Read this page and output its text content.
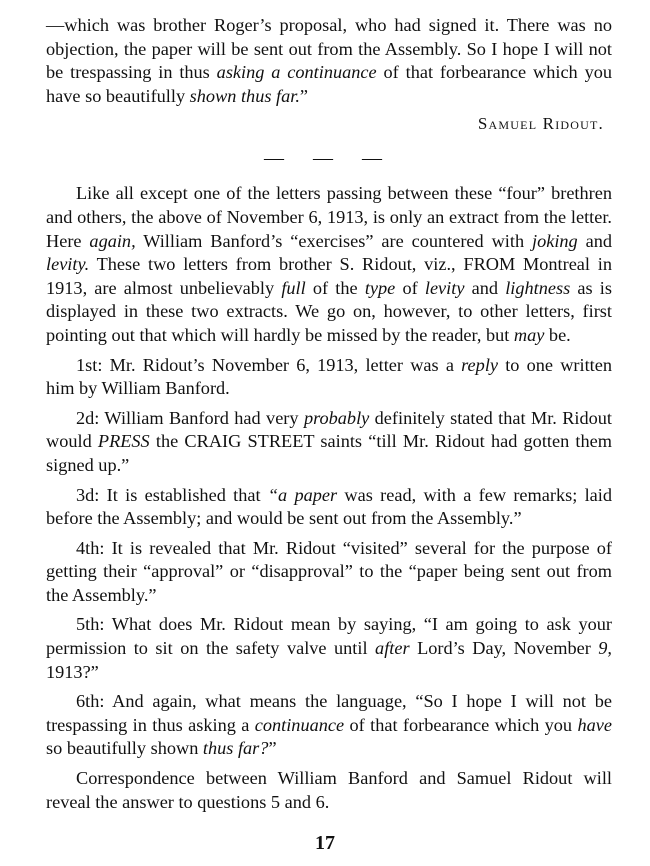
—which was brother Roger’s proposal, who had signed it. There was no objection, the paper will be sent out from the Assembly. So I hope I will not be trespassing in thus asking a continuance of that forbearance which you have so beautifully shown thus far.”

Samuel Ridout.
— — —

Like all except one of the letters passing between these “four” brethren and others, the above of November 6, 1913, is only an extract from the letter. Here again, William Banford’s “exercises” are countered with joking and levity. These two letters from brother S. Ridout, viz., FROM Montreal in 1913, are almost unbelievably full of the type of levity and lightness as is displayed in these two extracts. We go on, however, to other letters, first pointing out that which will hardly be missed by the reader, but may be.

1st: Mr. Ridout’s November 6, 1913, letter was a reply to one written him by William Banford.

2d: William Banford had very probably definitely stated that Mr. Ridout would PRESS the CRAIG STREET saints “till Mr. Ridout had gotten them signed up.”

3d: It is established that “a paper was read, with a few remarks; laid before the Assembly; and would be sent out from the Assembly.”

4th: It is revealed that Mr. Ridout “visited” several for the purpose of getting their “approval” or “disapproval” to the “paper being sent out from the Assembly.”

5th: What does Mr. Ridout mean by saying, “I am going to ask your permission to sit on the safety valve until after Lord’s Day, November 9, 1913?”

6th: And again, what means the language, “So I hope I will not be trespassing in thus asking a continuance of that forbearance which you have so beautifully shown thus far?”

Correspondence between William Banford and Samuel Ridout will reveal the answer to questions 5 and 6.

17
